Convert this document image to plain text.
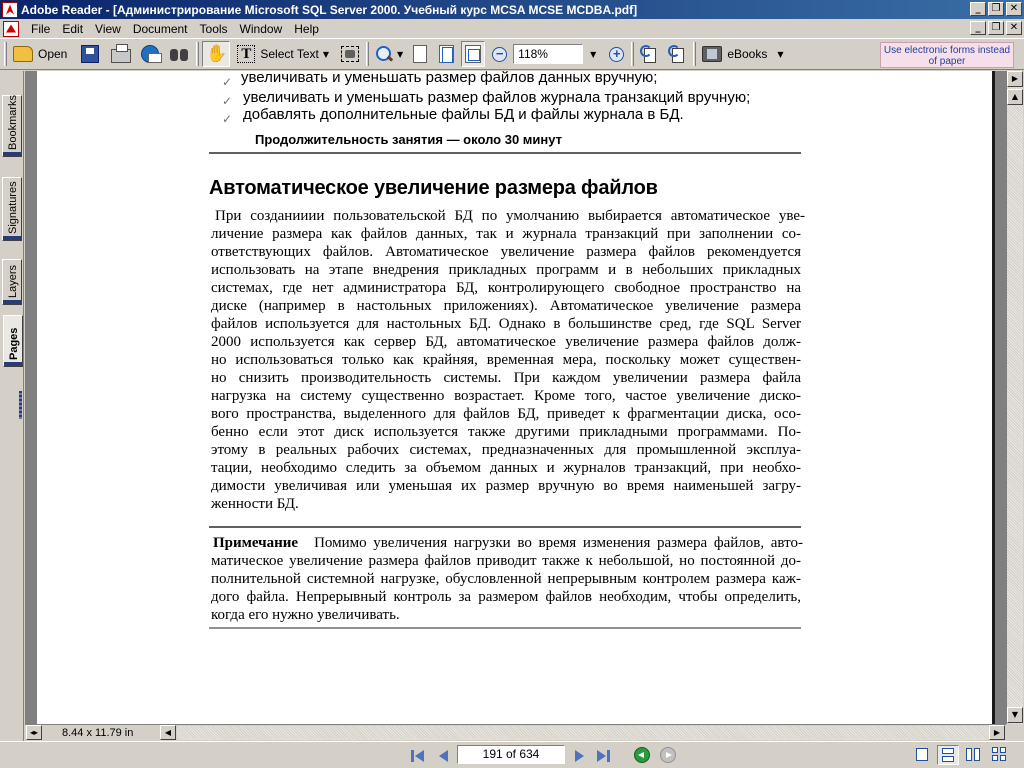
Adobe Reader - [Администрирование Microsoft SQL Server 2000. Учебный курс MCSA MCSE MCDBA.pdf]	_	❐ ✕
File	Edit	View	Document	Tools	Window	Help	_	❐ ✕
Open	✋ T Select Text ▼	▼	−	118%	▼ +	eBooks ▼	Use electronic forms instead of paper
Bookmarks
Signatures
Layers
Pages
✓ увеличивать и уменьшать размер файлов данных вручную;
✓ увеличивать и уменьшать размер файлов журнала транзакций вручную;
✓ добавлять дополнительные файлы БД и файлы журнала в БД.
Продолжительность занятия — около 30 минут
Автоматическое увеличение размера файлов
При созданииии пользовательской БД по умолчанию выбирается автоматическое уве-
личение размера как файлов данных, так и журнала транзакций при заполнении со-
ответствующих файлов. Автоматическое увеличение размера файлов рекомендуется
использовать на этапе внедрения прикладных программ и в небольших прикладных
системах, где нет администратора БД, контролирующего свободное пространство на
диске (например в настольных приложениях). Автоматическое увеличение размера
файлов используется для настольных БД. Однако в большинстве сред, где SQL Server
2000 используется как сервер БД, автоматическое увеличение размера файлов долж-
но использоваться только как крайняя, временная мера, поскольку может существен-
но снизить производительность системы. При каждом увеличении размера файла
нагрузка на систему существенно возрастает. Кроме того, частое увеличение диско-
вого пространства, выделенного для файлов БД, приведет к фрагментации диска, осо-
бенно если этот диск используется также другими прикладными программами. По-
этому в реальных рабочих системах, предназначенных для промышленной эксплуа-
тации, необходимо следить за объемом данных и журналов транзакций, при необхо-
димости увеличивая или уменьшая их размер вручную во время наименьшей загру-
женности БД.
Примечание Помимо увеличения нагрузки во время изменения размера файлов, авто-
матическое увеличение размера файлов приводит также к небольшой, но постоянной до-
полнительной системной нагрузке, обусловленной непрерывным контролем размера каж-
дого файла. Непрерывный контроль за размером файлов необходим, чтобы определить,
когда его нужно увеличивать.
▶
▲
▼
◂▸	8.44 x 11.79 in	◀	▶
191 of 634
